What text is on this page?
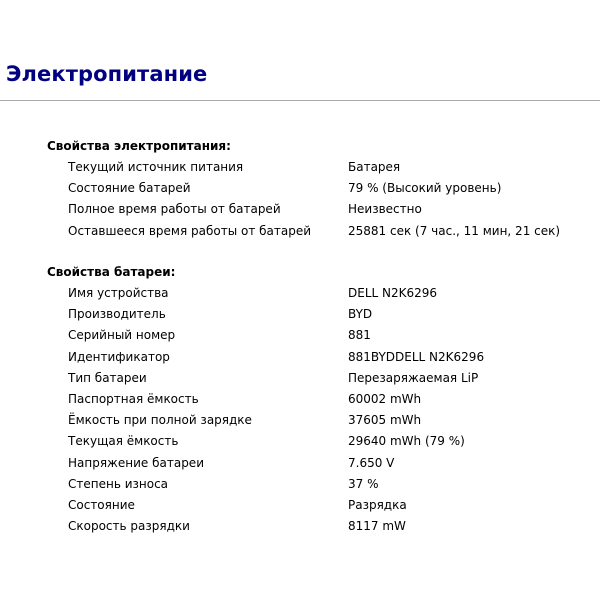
Электропитание
Свойства электропитания:
Текущий источник питания	Батарея
Состояние батарей	79 % (Высокий уровень)
Полное время работы от батарей	Неизвестно
Оставшееся время работы от батарей	25881 сек (7 час., 11 мин, 21 сек)
Свойства батареи:
Имя устройства	DELL N2K6296
Производитель	BYD
Серийный номер	881
Идентификатор	881BYDDELL N2K6296
Тип батареи	Перезаряжаемая LiP
Паспортная ёмкость	60002 mWh
Ёмкость при полной зарядке	37605 mWh
Текущая ёмкость	29640 mWh (79 %)
Напряжение батареи	7.650 V
Степень износа	37 %
Состояние	Разрядка
Скорость разрядки	8117 mW
